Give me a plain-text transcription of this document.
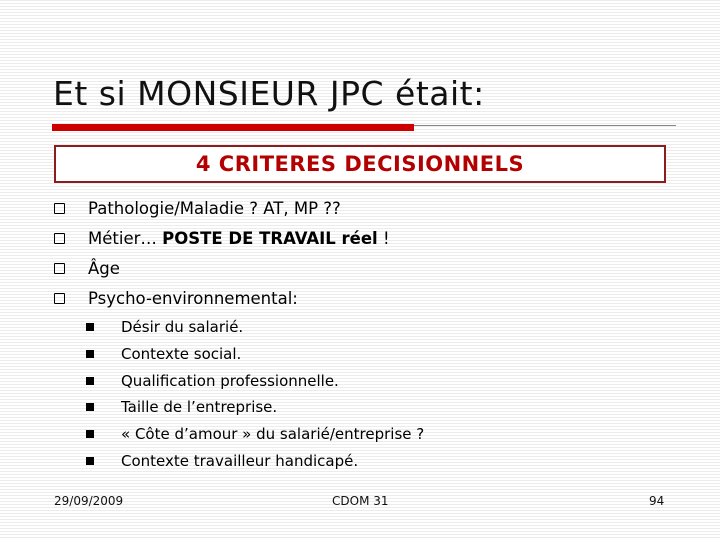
Et si MONSIEUR JPC était:
4 CRITERES DECISIONNELS
Pathologie/Maladie ? AT, MP ??
Métier… POSTE DE TRAVAIL réel !
Âge
Psycho-environnemental:
Désir du salarié.
Contexte social.
Qualification professionnelle.
Taille de l’entreprise.
« Côte d’amour » du salarié/entreprise ?
Contexte travailleur handicapé.
29/09/2009	CDOM 31	94
